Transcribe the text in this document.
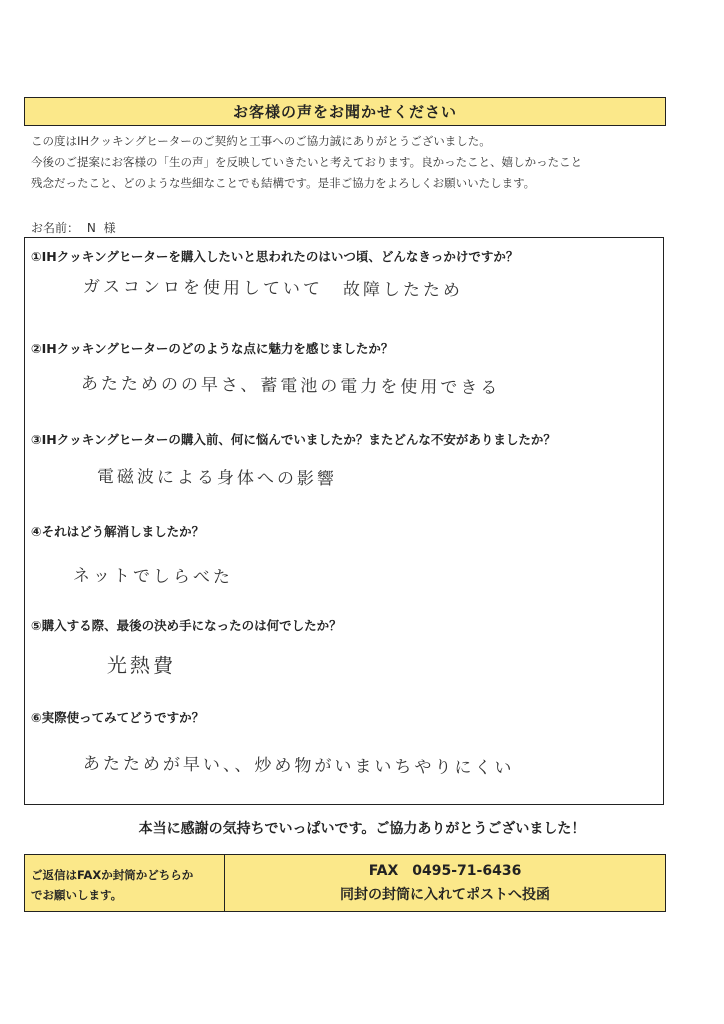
お客様の声をお聞かせください
この度はIHクッキングヒーターのご契約と工事へのご協力誠にありがとうございました。
今後のご提案にお客様の「生の声」を反映していきたいと考えております。良かったこと、嬉しかったこと
残念だったこと、どのような些細なことでも結構です。是非ご協力をよろしくお願いいたします。
お名前： N 様
①IHクッキングヒーターを購入したいと思われたのはいつ頃、どんなきっかけですか？
ガスコンロを使用していて　故障したため
②IHクッキングヒーターのどのような点に魅力を感じましたか？
あたためのの早さ、蓄電池の電力を使用できる
③IHクッキングヒーターの購入前、何に悩んでいましたか？またどんな不安がありましたか？
電磁波による身体への影響
④それはどう解消しましたか？
ネットでしらべた
⑤購入する際、最後の決め手になったのは何でしたか？
光熱費
⑥実際使ってみてどうですか？
あたためが早い、、炒め物がいまいちやりにくい
本当に感謝の気持ちでいっぱいです。ご協力ありがとうございました！
ご返信はFAXか封筒かどちらか
でお願いします。
FAX　0495-71-6436
同封の封筒に入れてポストへ投函
